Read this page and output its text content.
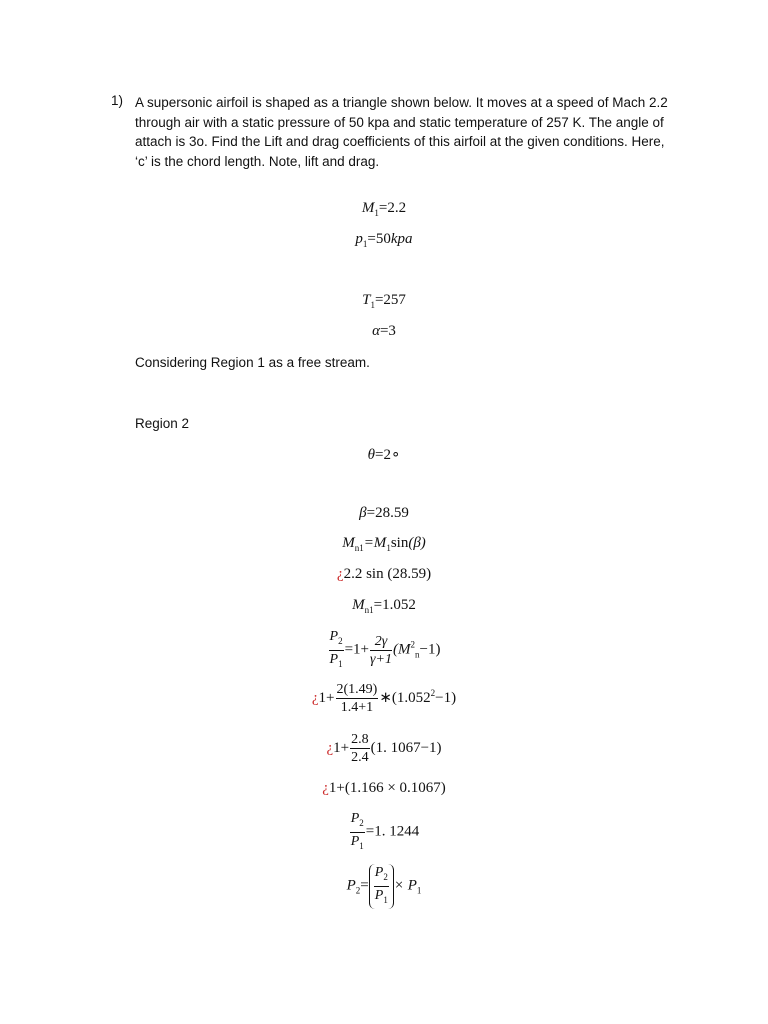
1) A supersonic airfoil is shaped as a triangle shown below. It moves at a speed of Mach 2.2 through air with a static pressure of 50 kpa and static temperature of 257 K. The angle of attach is 3o. Find the Lift and drag coefficients of this airfoil at the given conditions. Here, ‘c’ is the chord length. Note, lift and drag.
$M_1=2.2$
$p_1=50kpa$
$T_1=257$
α=3
Considering Region 1 as a free stream.
Region 2
θ=2∘
β=28.59
$M_{n1}=M_1\sin(\beta)$
¿2.2 sin (28.59)
$M_{n1}=1.052$
$\frac{P_2}{P_1} =1+ \frac{2\gamma}{\gamma+1} (M^2_n-1)$
¿$1+ \frac{2(1.49)}{1.4+1}$ $∗(1.052^2-1)$
¿$1+ \frac{2.8}{2.4} (1$. 1067−1)
¿1+(1.166 × 0.1067)
$\frac{P_2}{P_1} =1$. 1244
$P_2= \frac{P_2}{P_1} \times P_1$
